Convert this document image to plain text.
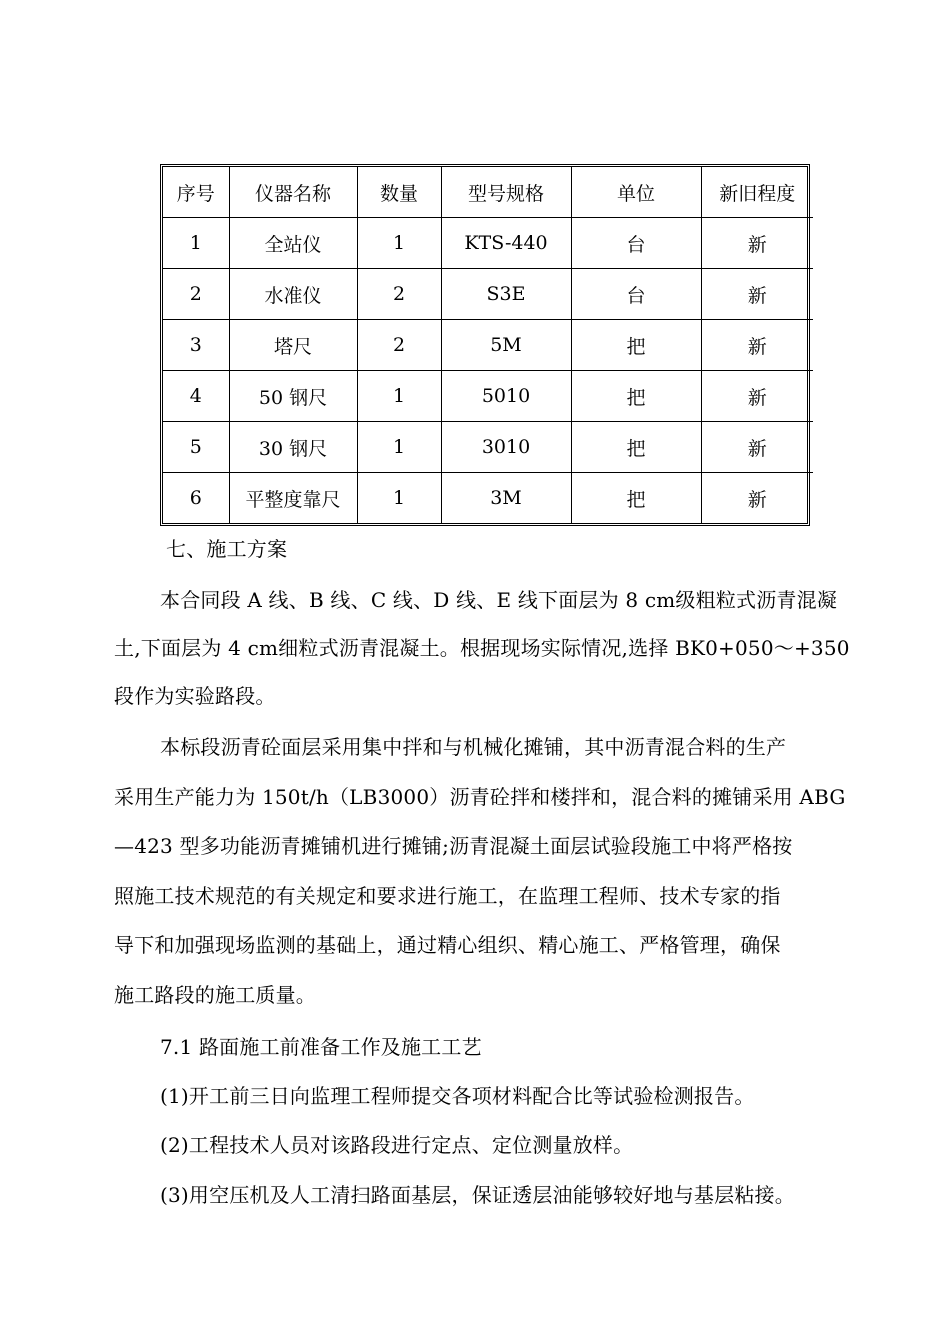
序号	仪器名称	数量	型号规格	单位	新旧程度
1	全站仪	1	KTS-440	台	新
2	水准仪	2	S3E	台	新
3	塔尺	2	5M	把	新
4	50 钢尺	1	5010	把	新
5	30 钢尺	1	3010	把	新
6	平整度靠尺	1	3M	把	新
七、施工方案
本合同段 A 线、B 线、C 线、D 线、E 线下面层为 8 cm级粗粒式沥青混凝
土,下面层为 4 cm细粒式沥青混凝土。根据现场实际情况,选择 BK0+050～+350
段作为实验路段。
本标段沥青砼面层采用集中拌和与机械化摊铺，其中沥青混合料的生产
采用生产能力为 150t/h（LB3000）沥青砼拌和楼拌和，混合料的摊铺采用 ABG
—423 型多功能沥青摊铺机进行摊铺;沥青混凝土面层试验段施工中将严格按
照施工技术规范的有关规定和要求进行施工，在监理工程师、技术专家的指
导下和加强现场监测的基础上，通过精心组织、精心施工、严格管理，确保
施工路段的施工质量。
7.1 路面施工前准备工作及施工工艺
(1)开工前三日向监理工程师提交各项材料配合比等试验检测报告。
(2)工程技术人员对该路段进行定点、定位测量放样。
(3)用空压机及人工清扫路面基层，保证透层油能够较好地与基层粘接。
